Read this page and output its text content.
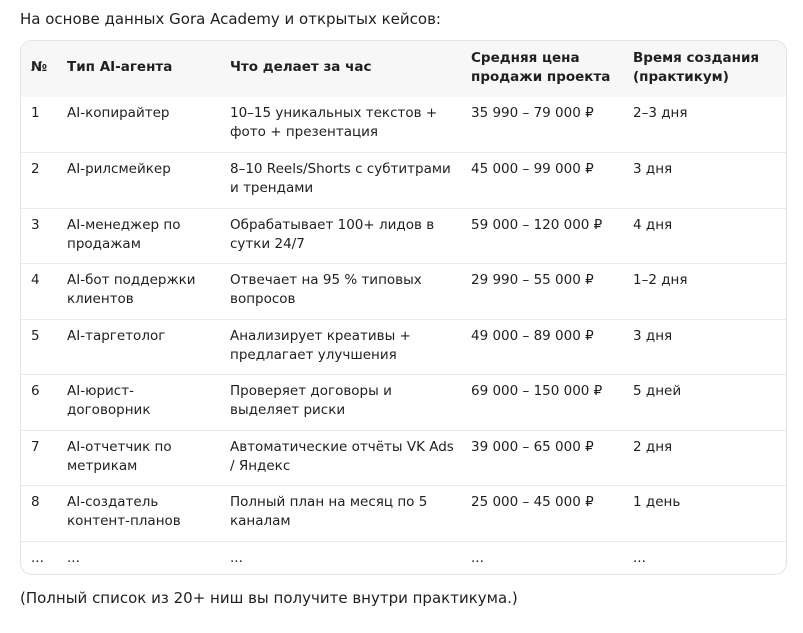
На основе данных Gora Academy и открытых кейсов:
№	Тип AI-агента	Что делает за час	Средняя цена продажи проекта	Время создания (практикум)
1	AI-копирайтер	10–15 уникальных текстов + фото + презентация	35 990 – 79 000 ₽	2–3 дня
2	AI-рилсмейкер	8–10 Reels/Shorts с субтитрами и трендами	45 000 – 99 000 ₽	3 дня
3	AI-менеджер по продажам	Обрабатывает 100+ лидов в сутки 24/7	59 000 – 120 000 ₽	4 дня
4	AI-бот поддержки клиентов	Отвечает на 95 % типовых вопросов	29 990 – 55 000 ₽	1–2 дня
5	AI-таргетолог	Анализирует креативы + предлагает улучшения	49 000 – 89 000 ₽	3 дня
6	AI-юрист-договорник	Проверяет договоры и выделяет риски	69 000 – 150 000 ₽	5 дней
7	AI-отчетчик по метрикам	Автоматические отчёты VK Ads / Яндекс	39 000 – 65 000 ₽	2 дня
8	AI-создатель контент-планов	Полный план на месяц по 5 каналам	25 000 – 45 000 ₽	1 день
...	...	...	...	...
(Полный список из 20+ ниш вы получите внутри практикума.)
